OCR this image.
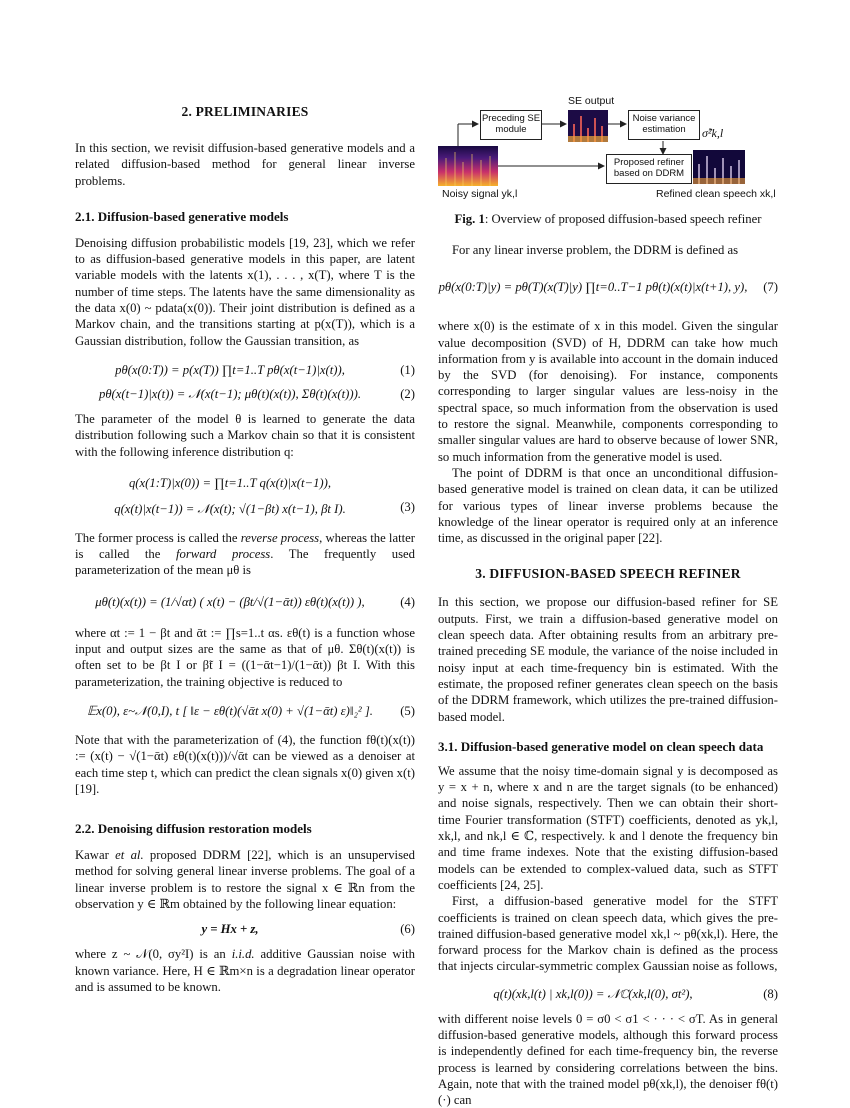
2. PRELIMINARIES

In this section, we revisit diffusion-based generative models and a related diffusion-based method for general linear inverse problems.

2.1. Diffusion-based generative models

Denoising diffusion probabilistic models [19, 23], which we refer to as diffusion-based generative models in this paper, are latent variable models with the latents x(1), . . . , x(T), where T is the number of time steps. The latents have the same dimensionality as the data x(0) ~ pdata(x(0)). Their joint distribution is defined as a Markov chain, and the transitions starting at p(x(T)), which is a Gaussian distribution, follow the Gaussian transition, as

pθ(x(0:T)) = p(x(T)) ∏t=1..T pθ(x(t−1)|x(t)),	(1)
pθ(x(t−1)|x(t)) = 𝒩(x(t−1); μθ(t)(x(t)), Σθ(t)(x(t))).	(2)

The parameter of the model θ is learned to generate the data distribution following such a Markov chain so that it is consistent with the following inference distribution q:

q(x(1:T)|x(0)) = ∏t=1..T q(x(t)|x(t−1)),
q(x(t)|x(t−1)) = 𝒩(x(t); √(1−βt) x(t−1), βt I).	(3)

The former process is called the reverse process, whereas the latter is called the forward process. The frequently used parameterization of the mean μθ is

μθ(t)(x(t)) = (1/√αt) ( x(t) − (βt/√(1−ᾱt)) εθ(t)(x(t)) ),	(4)

where αt := 1 − βt and ᾱt := ∏s=1..t αs. εθ(t) is a function whose input and output sizes are the same as that of μθ. Σθ(t)(x(t)) is often set to be βt I or β̃t I = ((1−ᾱt−1)/(1−ᾱt)) βt I. With this parameterization, the training objective is reduced to

𝔼x(0), ε~𝒩(0,I), t [ ‖ε − εθ(t)(√ᾱt x(0) + √(1−ᾱt) ε)‖₂² ].	(5)

Note that with the parameterization of (4), the function fθ(t)(x(t)) := (x(t) − √(1−ᾱt) εθ(t)(x(t)))/√ᾱt can be viewed as a denoiser at each time step t, which can predict the clean signals x(0) given x(t) [19].

2.2. Denoising diffusion restoration models

Kawar et al. proposed DDRM [22], which is an unsupervised method for solving general linear inverse problems. The goal of a linear inverse problem is to restore the signal x ∈ ℝn from the observation y ∈ ℝm obtained by the following linear equation:

y = Hx + z,	(6)

where z ~ 𝒩(0, σy²I) is an i.i.d. additive Gaussian noise with known variance. Here, H ∈ ℝm×n is a degradation linear operator and is assumed to be known.

Preceding SE module
SE output
Noise variance estimation	σ̂²k,l
Proposed refiner based on DDRM
Noisy signal yk,l	Refined clean speech xk,l
Fig. 1: Overview of proposed diffusion-based speech refiner

For any linear inverse problem, the DDRM is defined as

pθ(x(0:T)|y) = pθ(T)(x(T)|y) ∏t=0..T−1 pθ(t)(x(t)|x(t+1), y),	(7)

where x(0) is the estimate of x in this model. Given the singular value decomposition (SVD) of H, DDRM can take how much information from y is available into account in the domain induced by the SVD (for denoising). For instance, components corresponding to larger singular values are less-noisy in the spectral space, so much information from the observation is used to restore the signal. Meanwhile, components corresponding to smaller singular values are hard to observe because of lower SNR, so much information from the generative model is used.

The point of DDRM is that once an unconditional diffusion-based generative model is trained on clean data, it can be utilized for various types of linear inverse problems because the knowledge of the linear operator is required only at an inference time, as discussed in the original paper [22].

3. DIFFUSION-BASED SPEECH REFINER

In this section, we propose our diffusion-based refiner for SE outputs. First, we train a diffusion-based generative model on clean speech data. After obtaining results from an arbitrary pre-trained preceding SE module, the variance of the noise included in noisy input at each time-frequency bin is estimated. With the estimate, the proposed refiner generates clean speech on the basis of the DDRM framework, which utilizes the pre-trained diffusion-based model.

3.1. Diffusion-based generative model on clean speech data

We assume that the noisy time-domain signal y is decomposed as y = x + n, where x and n are the target signals (to be enhanced) and noise signals, respectively. Then we can obtain their short-time Fourier transformation (STFT) coefficients, denoted as yk,l, xk,l, and nk,l ∈ ℂ, respectively. k and l denote the frequency bin and time frame indexes. Note that the existing diffusion-based models can be extended to complex-valued data, such as STFT coefficients [24, 25].

First, a diffusion-based generative model for the STFT coefficients is trained on clean speech data, which gives the pre-trained diffusion-based generative model xk,l ~ pθ(xk,l). Here, the forward process for the Markov chain is defined as the process that injects circular-symmetric complex Gaussian noise as follows,

q(t)(xk,l(t) | xk,l(0)) = 𝒩ℂ(xk,l(0), σt²),	(8)

with different noise levels 0 = σ0 < σ1 < · · · < σT. As in general diffusion-based generative models, although this forward process is independently defined for each time-frequency bin, the reverse process is learned by considering correlations between the bins. Again, note that with the trained model pθ(xk,l), the denoiser fθ(t)(·) can
